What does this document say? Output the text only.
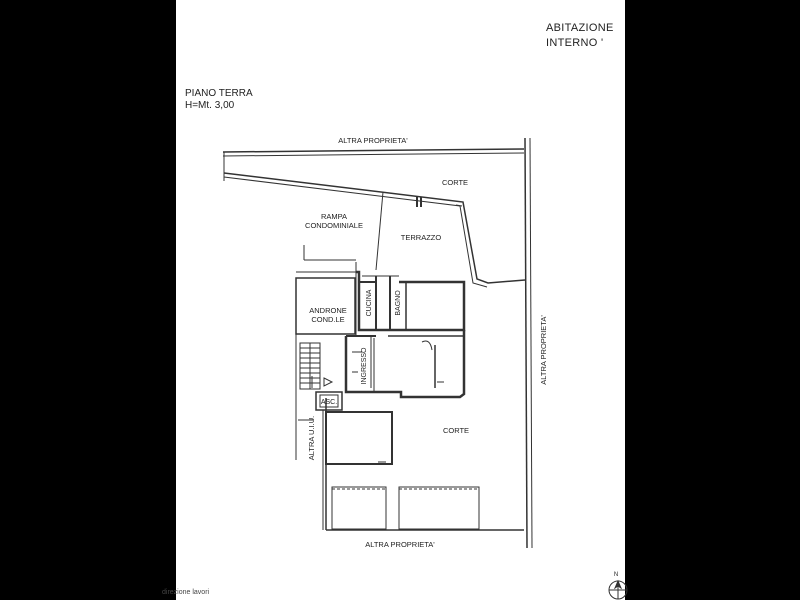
ABITAZIONE
INTERNO '
PIANO TERRA
H=Mt. 3,00
ALTRA PROPRIETA'
CORTE
RAMPA
CONDOMINIALE
TERRAZZO
ANDRONE
COND.LE
CUCINA	BAGNO
INGRESSO
ASC.
ALTRA U.I.U.	CORTE
ALTRA PROPRIETA'
ALTRA PROPRIETA'
N
direzione lavori
